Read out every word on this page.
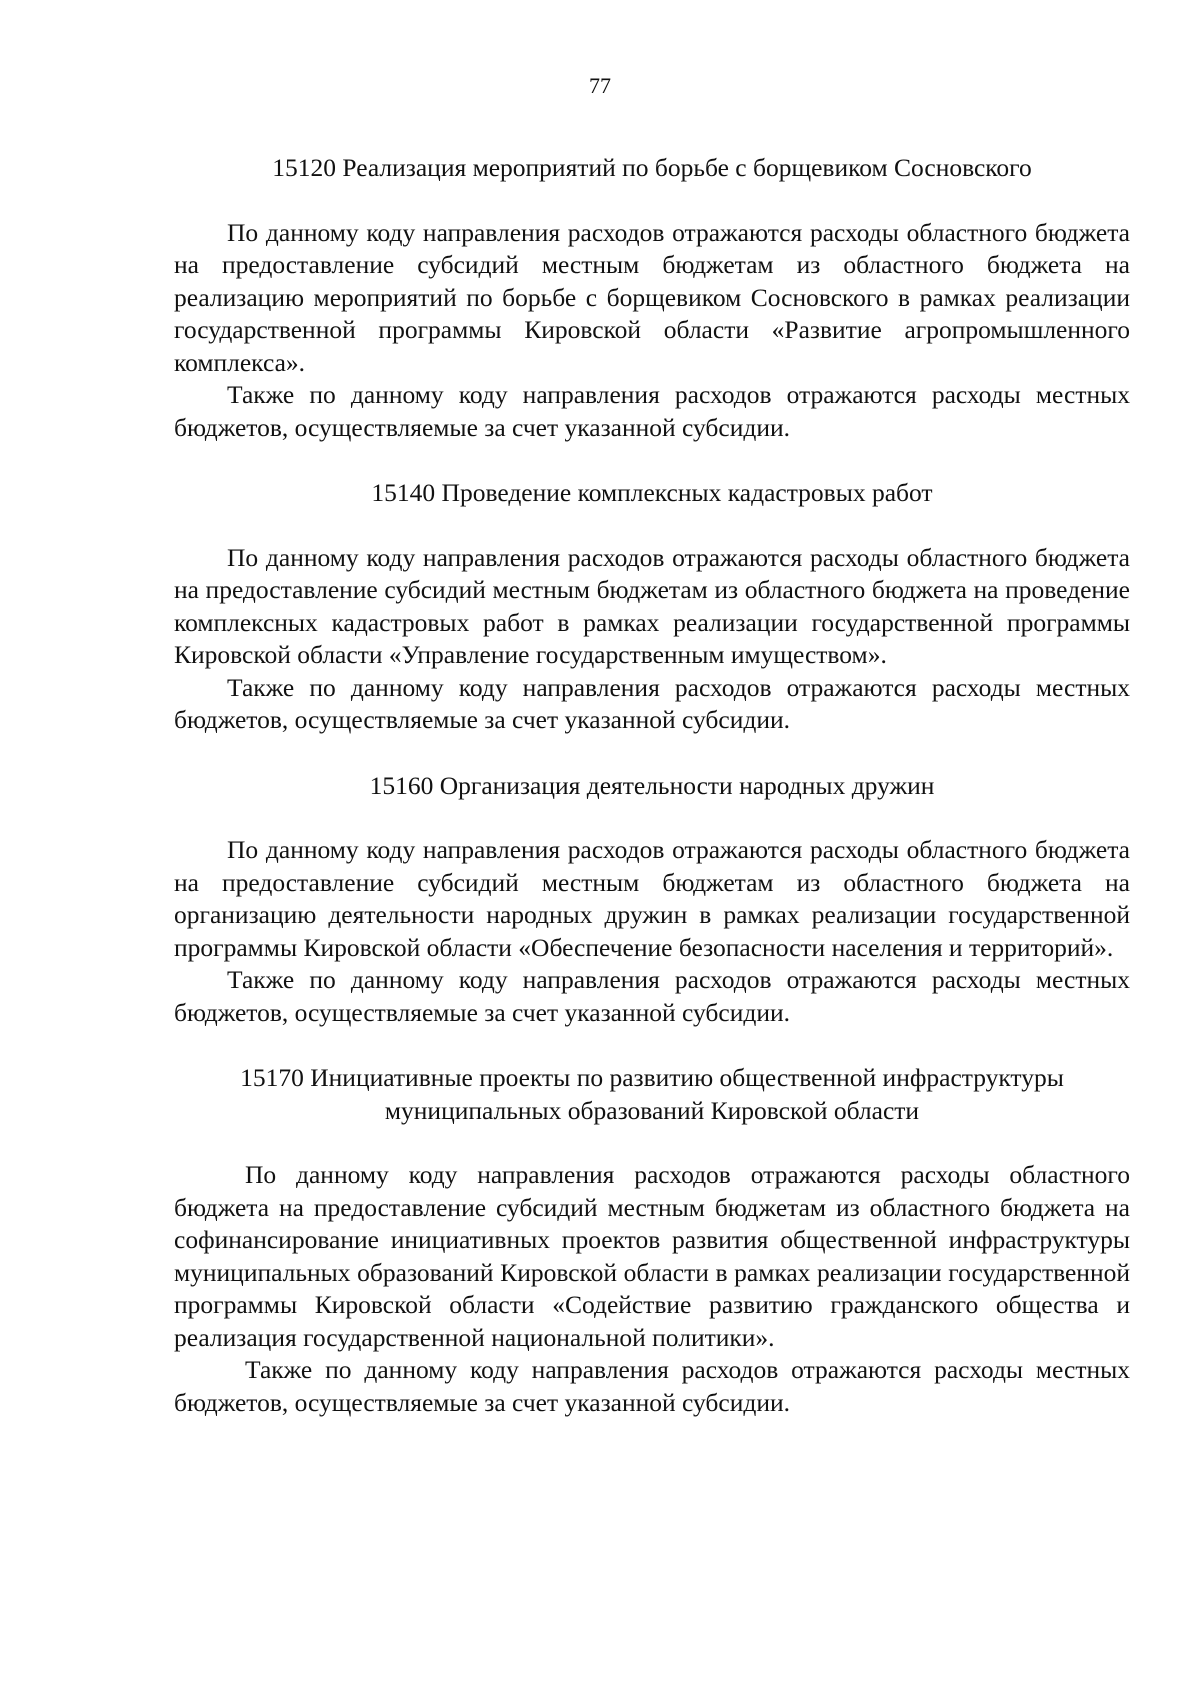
77

15120 Реализация мероприятий по борьбе с борщевиком Сосновского

По данному коду направления расходов отражаются расходы областного бюджета на предоставление субсидий местным бюджетам из областного бюджета на реализацию мероприятий по борьбе с борщевиком Сосновского в рамках реализации государственной программы Кировской области «Развитие агропромышленного комплекса».

Также по данному коду направления расходов отражаются расходы местных бюджетов, осуществляемые за счет указанной субсидии.

15140 Проведение комплексных кадастровых работ

По данному коду направления расходов отражаются расходы областного бюджета на предоставление субсидий местным бюджетам из областного бюджета на проведение комплексных кадастровых работ в рамках реализации государственной программы Кировской области «Управление государственным имуществом».

Также по данному коду направления расходов отражаются расходы местных бюджетов, осуществляемые за счет указанной субсидии.

15160 Организация деятельности народных дружин

По данному коду направления расходов отражаются расходы областного бюджета на предоставление субсидий местным бюджетам из областного бюджета на организацию деятельности народных дружин в рамках реализации государственной программы Кировской области «Обеспечение безопасности населения и территорий».

Также по данному коду направления расходов отражаются расходы местных бюджетов, осуществляемые за счет указанной субсидии.

15170 Инициативные проекты по развитию общественной инфраструктуры

муниципальных образований Кировской области

По данному коду направления расходов отражаются расходы областного бюджета на предоставление субсидий местным бюджетам из областного бюджета на софинансирование инициативных проектов развития общественной инфраструктуры муниципальных образований Кировской области в рамках реализации государственной программы Кировской области «Содействие развитию гражданского общества и реализация государственной национальной политики».

Также по данному коду направления расходов отражаются расходы местных бюджетов, осуществляемые за счет указанной субсидии.
